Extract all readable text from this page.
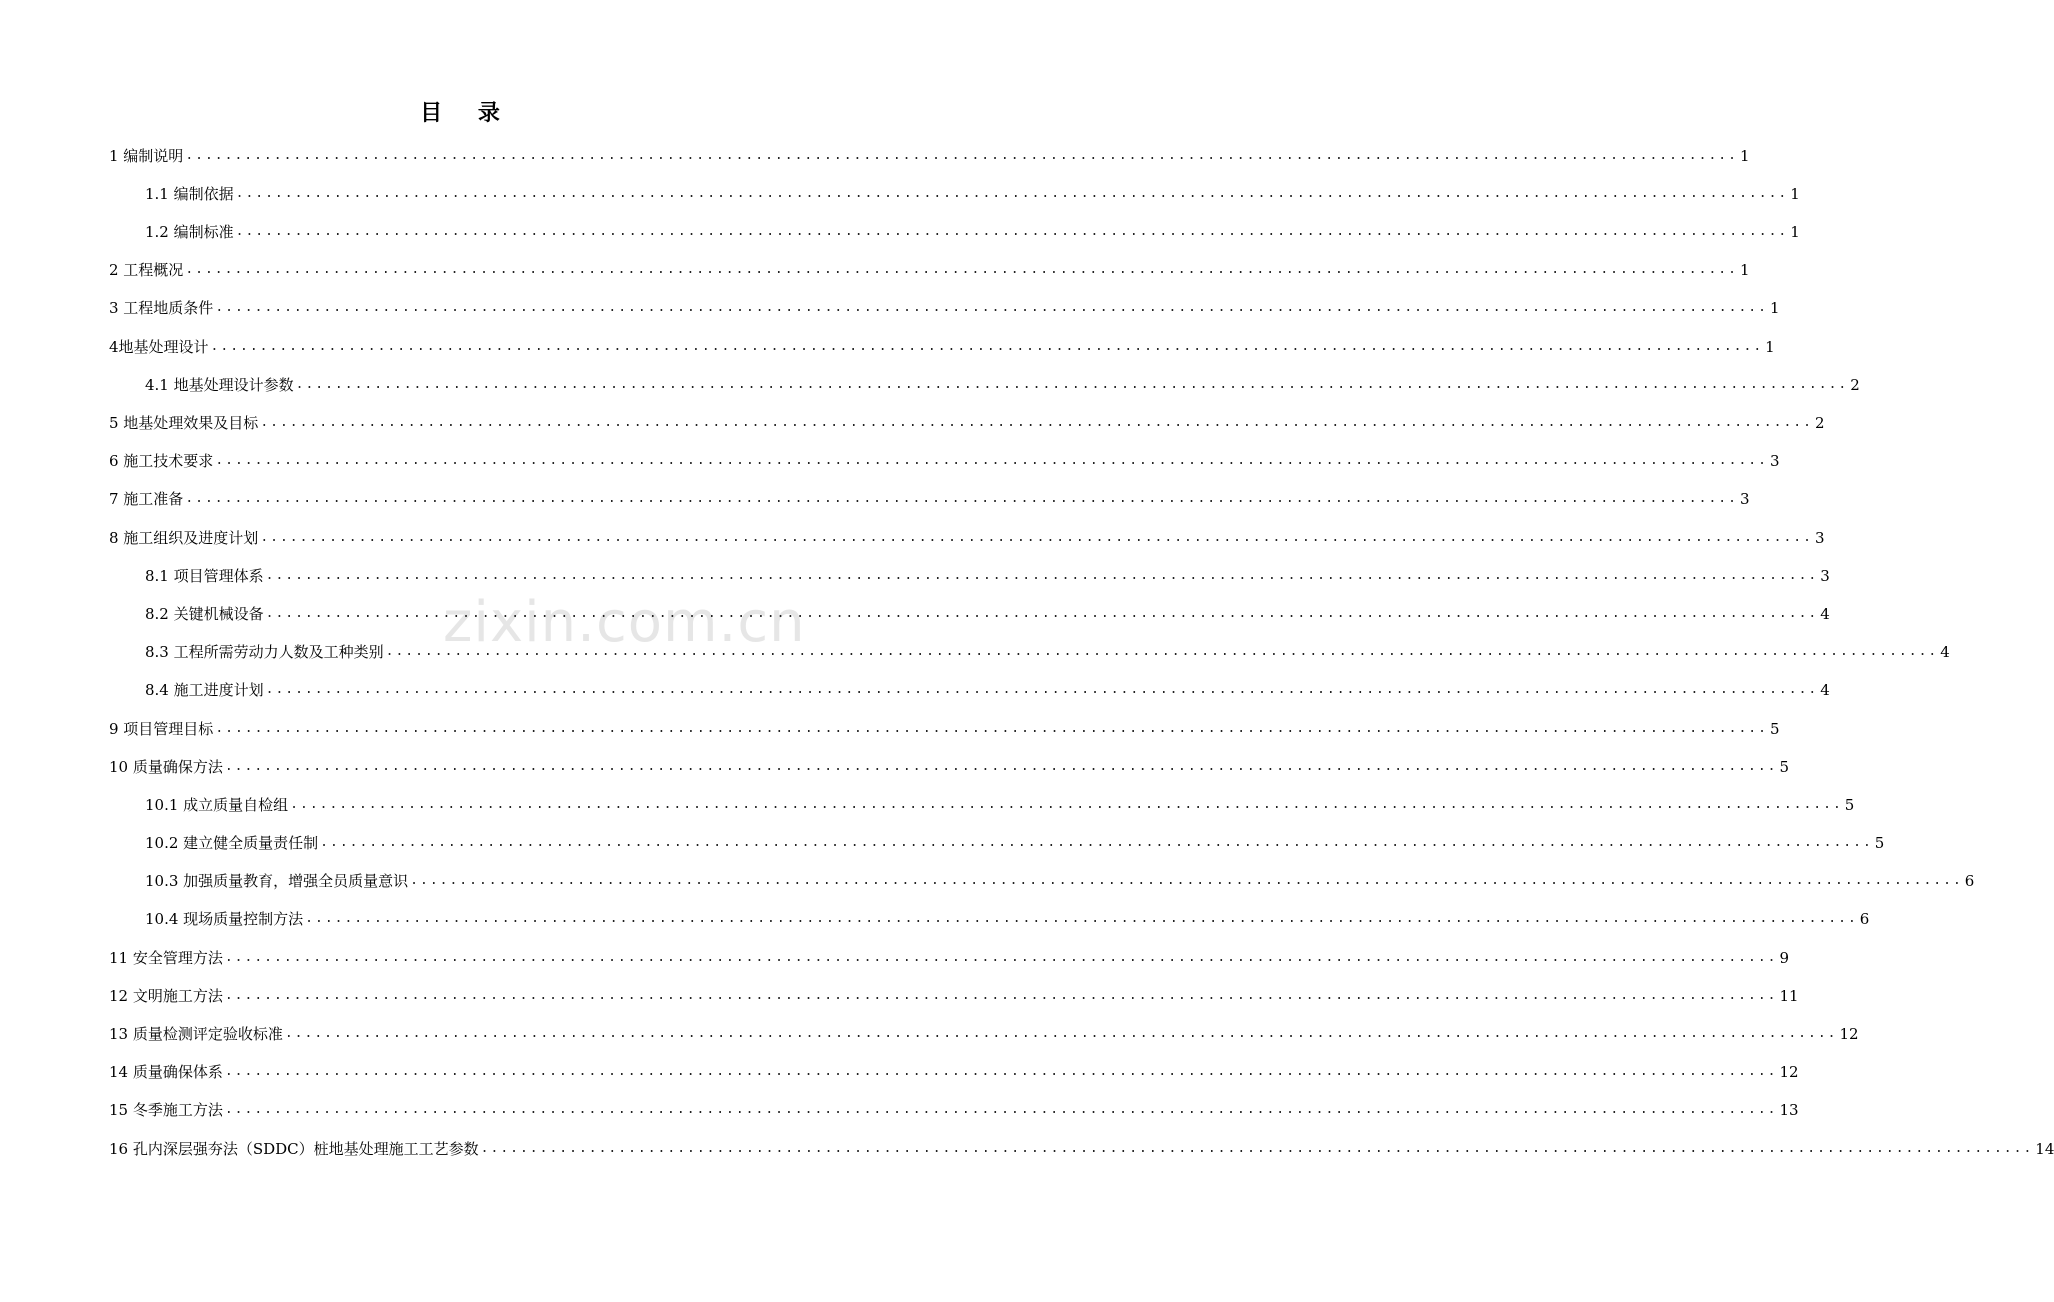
目 录
zixin.com.cn
1 编制说明 .............................................................................................................................................................. 1
1.1 编制依据 .............................................................................................................................................................. 1
1.2 编制标准 .............................................................................................................................................................. 1
2 工程概况 .............................................................................................................................................................. 1
3 工程地质条件 .............................................................................................................................................................. 1
4地基处理设计 .............................................................................................................................................................. 1
4.1 地基处理设计参数 .............................................................................................................................................................. 2
5 地基处理效果及目标 .............................................................................................................................................................. 2
6 施工技术要求 .............................................................................................................................................................. 3
7 施工准备 .............................................................................................................................................................. 3
8 施工组织及进度计划 .............................................................................................................................................................. 3
8.1 项目管理体系 .............................................................................................................................................................. 3
8.2 关键机械设备 .............................................................................................................................................................. 4
8.3 工程所需劳动力人数及工种类别 .............................................................................................................................................................. 4
8.4 施工进度计划 .............................................................................................................................................................. 4
9 项目管理目标 .............................................................................................................................................................. 5
10 质量确保方法 .............................................................................................................................................................. 5
10.1 成立质量自检组 .............................................................................................................................................................. 5
10.2 建立健全质量责任制 .............................................................................................................................................................. 5
10.3 加强质量教育，增强全员质量意识 .............................................................................................................................................................. 6
10.4 现场质量控制方法 .............................................................................................................................................................. 6
11 安全管理方法 .............................................................................................................................................................. 9
12 文明施工方法 .............................................................................................................................................................. 11
13 质量检测评定验收标准 .............................................................................................................................................................. 12
14 质量确保体系 .............................................................................................................................................................. 12
15 冬季施工方法 .............................................................................................................................................................. 13
16 孔内深层强夯法（SDDC）桩地基处理施工工艺参数 .............................................................................................................................................................. 14
